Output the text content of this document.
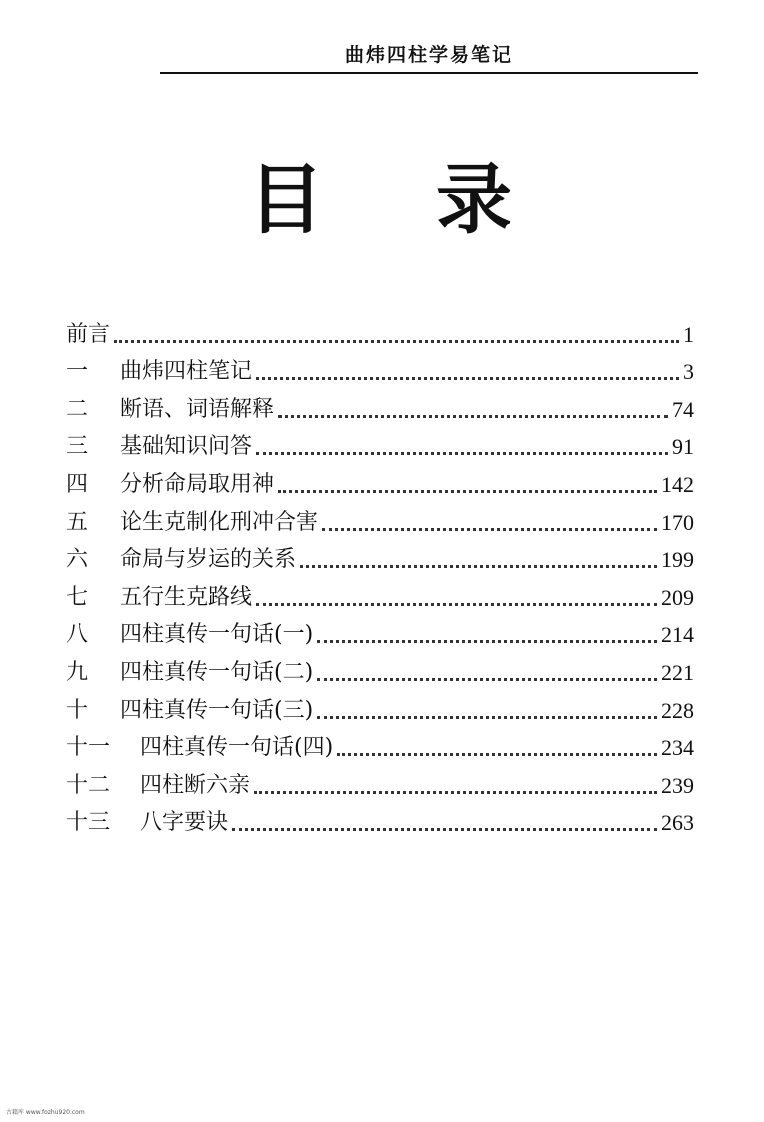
曲炜四柱学易笔记
目 录
前言	1
一	曲炜四柱笔记	3
二	断语、词语解释	74
三	基础知识问答	91
四	分析命局取用神	142
五	论生克制化刑冲合害	170
六	命局与岁运的关系	199
七	五行生克路线	209
八	四柱真传一句话(一)	214
九	四柱真传一句话(二)	221
十	四柱真传一句话(三)	228
十一	四柱真传一句话(四)	234
十二	四柱断六亲	239
十三	八字要诀	263
古籍库 www.fozhu920.com
